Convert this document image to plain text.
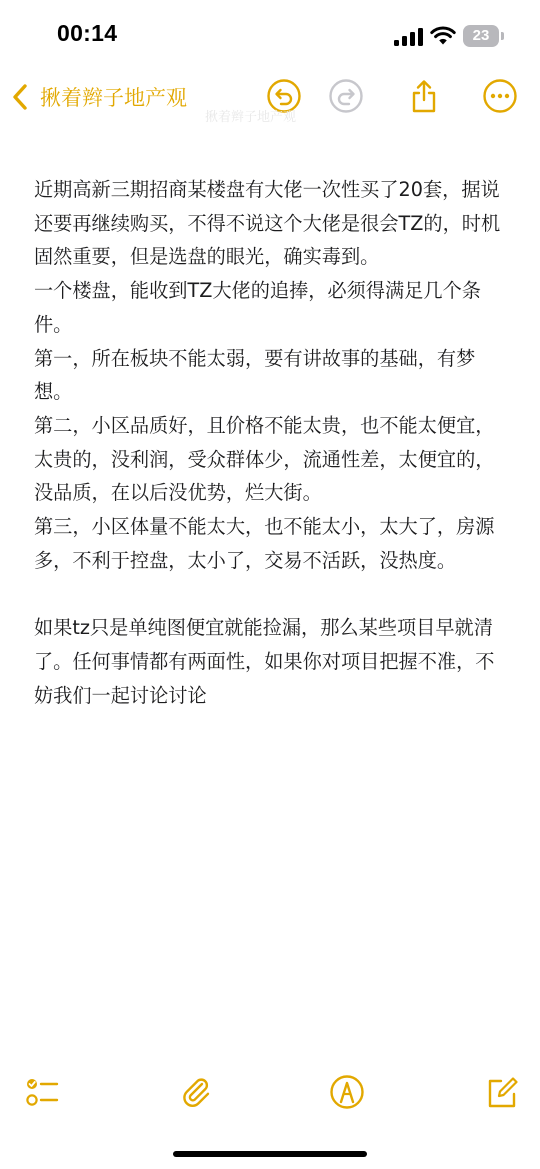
00:14	23
揪着辫子地产观
揪着辫子地产观

近期高新三期招商某楼盘有大佬一次性买了20套，据说还要再继续购买，不得不说这个大佬是很会TZ的，时机固然重要，但是选盘的眼光，确实毒到。

一个楼盘，能收到TZ大佬的追捧，必须得满足几个条件。

第一，所在板块不能太弱，要有讲故事的基础，有梦想。

第二，小区品质好，且价格不能太贵，也不能太便宜，太贵的，没利润，受众群体少，流通性差，太便宜的，没品质，在以后没优势，烂大街。

第三，小区体量不能太大，也不能太小，太大了，房源多，不利于控盘，太小了，交易不活跃，没热度。

如果tz只是单纯图便宜就能捡漏，那么某些项目早就清了。任何事情都有两面性，如果你对项目把握不准，不妨我们一起讨论讨论
